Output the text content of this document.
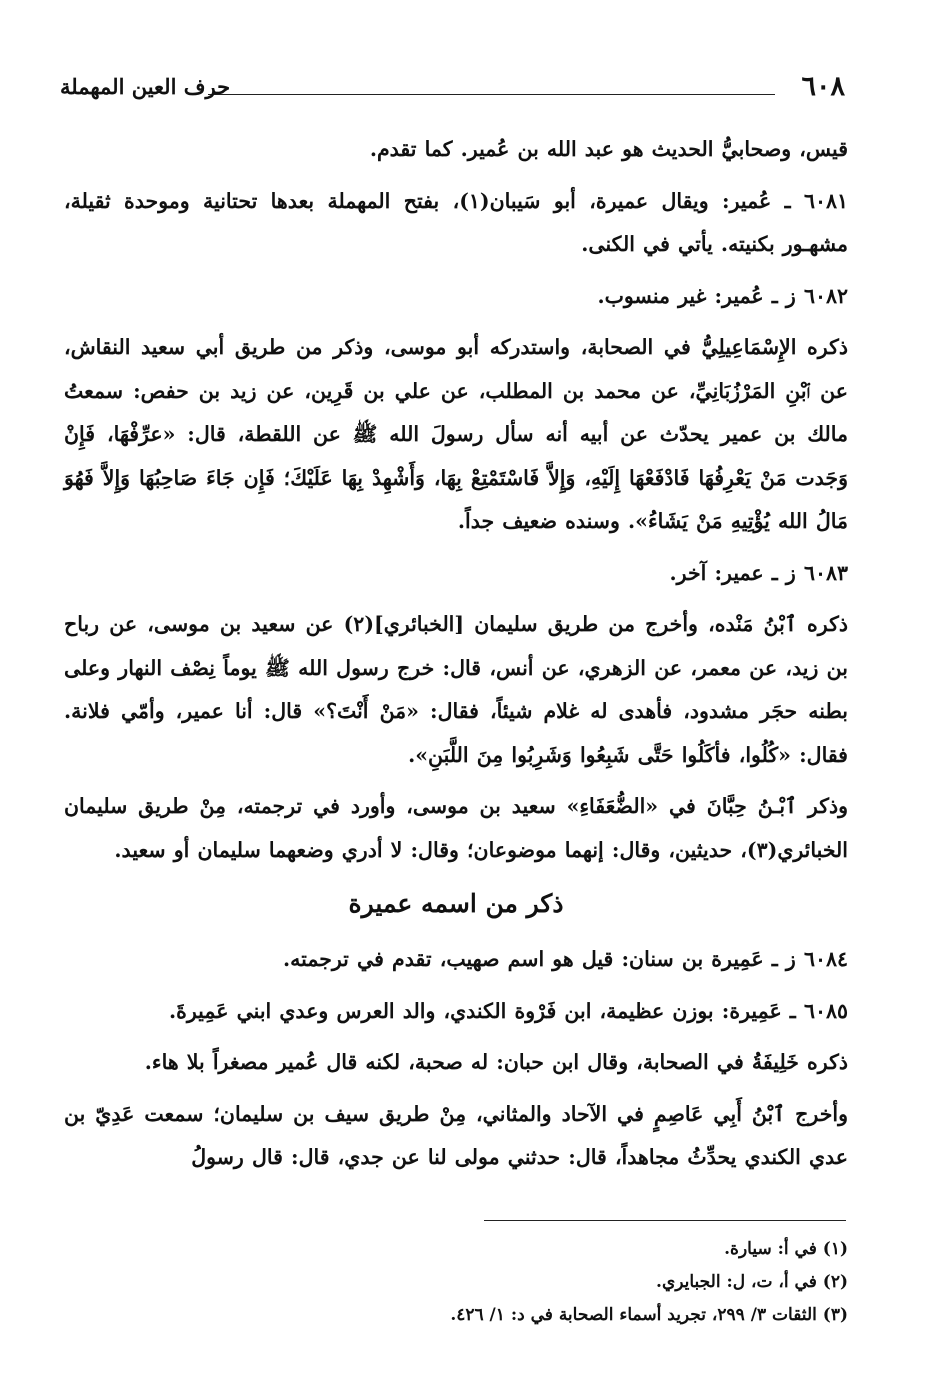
٦٠٨
حرف العين المهملة

قيس، وصحابيُّ الحديث هو عبد الله بن عُمير. كما تقدم.

٦٠٨١ ـ عُمير: ويقال عميرة، أبو سَيبان(١)، بفتح المهملة بعدها تحتانية وموحدة ثقيلة، مشهـور بكنيته. يأتي في الكنى.

٦٠٨٢ ز ـ عُمير: غير منسوب.

ذكره الإِسْمَاعِيلِيُّ في الصحابة، واستدركه أبو موسى، وذكر من طريق أبي سعيد النقاش، عن ٱبْنِ المَرْزُبَانِيِّ، عن محمد بن المطلب، عن علي بن قَرِين، عن زيد بن حفص: سمعتُ مالك بن عمير يحدّث عن أبيه أنه سأل رسولَ الله ﷺ عن اللقطة، قال: «عرِّفْهَا، فَإِنْ وَجَدت مَنْ يَعْرِفُهَا فَادْفَعْهَا إِلَيْهِ، وَإِلاَّ فَاسْتَمْتِعْ بِهَا، وَأَشْهِدْ بِهَا عَلَيْكَ؛ فَإِن جَاءَ صَاحِبُهَا وَإِلاَّ فَهُوَ مَالُ الله يُؤْتِيهِ مَنْ يَشَاءُ». وسنده ضعيف جداً.

٦٠٨٣ ز ـ عمير: آخر.

ذكره ٱبْنُ مَنْده، وأخرج من طريق سليمان [الخبائري](٢) عن سعيد بن موسى، عن رباح بن زيد، عن معمر، عن الزهري، عن أنس، قال: خرج رسول الله ﷺ يوماً نِصْف النهار وعلى بطنه حجَر مشدود، فأهدى له غلام شيئاً، فقال: «مَنْ أَنْتَ؟» قال: أنا عمير، وأمّي فلانة. فقال: «كُلُوا، فأكَلُوا حَتَّى شَبِعُوا وَشَرِبُوا مِنَ اللَّبَنِ».

وذكر ٱبْـنُ حِبَّانَ في «الضُّعَفَاءِ» سعيد بن موسى، وأورد في ترجمته، مِنْ طريق سليمان الخبائري(٣)، حديثين، وقال: إنهما موضوعان؛ وقال: لا أدري وضعهما سليمان أو سعيد.

ذكر من اسمه عميرة

٦٠٨٤ ز ـ عَمِيرة بن سنان: قيل هو اسم صهيب، تقدم في ترجمته.

٦٠٨٥ ـ عَمِيرة: بوزن عظيمة، ابن فَرْوة الكندي، والد العرس وعدي ابني عَمِيرةَ.

ذكره خَلِيفَةُ في الصحابة، وقال ابن حبان: له صحبة، لكنه قال عُمير مصغراً بلا هاء.

وأخرج ٱبْنُ أَبِي عَاصِمٍ في الآحاد والمثاني، مِنْ طريق سيف بن سليمان؛ سمعت عَدِيّ بن عدي الكندي يحدِّثُ مجاهداً، قال: حدثني مولى لنا عن جدي، قال: قال رسولُ

(١) في أ: سيارة.

(٢) في أ، ت، ل: الجبايري.

(٣) الثقات ٣/ ٢٩٩، تجريد أسماء الصحابة في د: ١/ ٤٢٦.
